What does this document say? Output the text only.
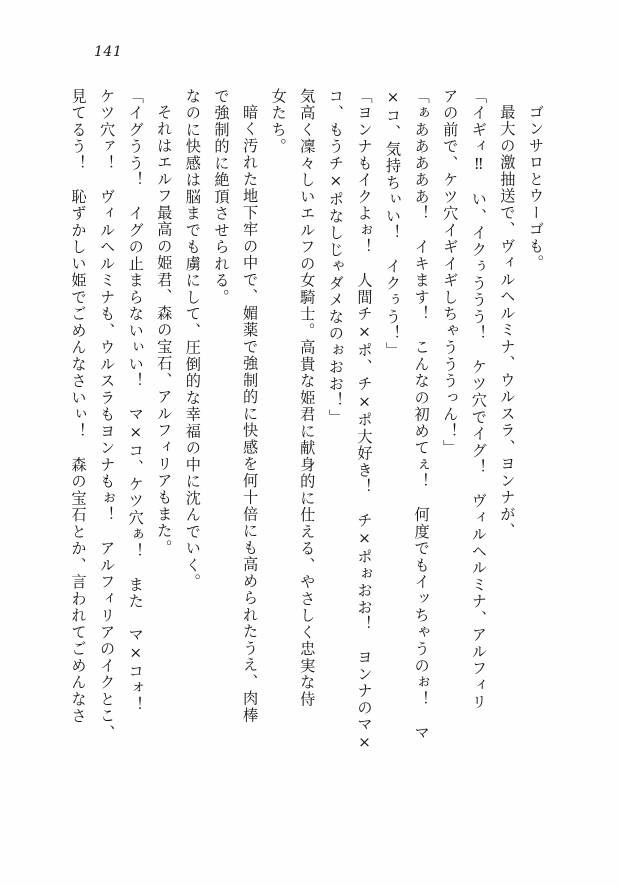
141
ゴンサロとウーゴも。
最大の激抽送で、ヴィルヘルミナ、ウルスラ、ヨンナが、
「イギィ‼　い、イクぅううう！　ケツ穴でイグ！　ヴィルヘルミナ、アルフィリ
アの前で、ケツ穴イギイギしちゃうううっん！」
「ぁあああああ！　イキます！　こんなの初めてぇ！　何度でもイッちゃうのぉ！　マ
×コ、気持ちぃい！　イクぅう！」
「ヨンナもイクよぉ！　人間チ×ポ、チ×ポ大好き！　チ×ポぉおお！　ヨンナのマ×
コ、もうチ×ポなしじゃダメなのぉおお！」
気高く凜々しいエルフの女騎士。高貴な姫君に献身的に仕える、やさしく忠実な侍
女たち。
暗く汚れた地下牢の中で、媚薬で強制的に快感を何十倍にも高められたうえ、肉棒
で強制的に絶頂させられる。
なのに快感は脳までも虜にして、圧倒的な幸福の中に沈んでいく。
それはエルフ最高の姫君、森の宝石、アルフィリアもまた。
「イグうう！　イグの止まらないぃい！　マ×コ、ケツ穴ぁ！　また　マ×コォ！
ケツ穴ァ！　ヴィルヘルミナも、ウルスラもヨンナもぉ！　アルフィリアのイクとこ、
見てるう！　恥ずかしい姫でごめんなさいぃ！　森の宝石とか、言われてごめんなさ
